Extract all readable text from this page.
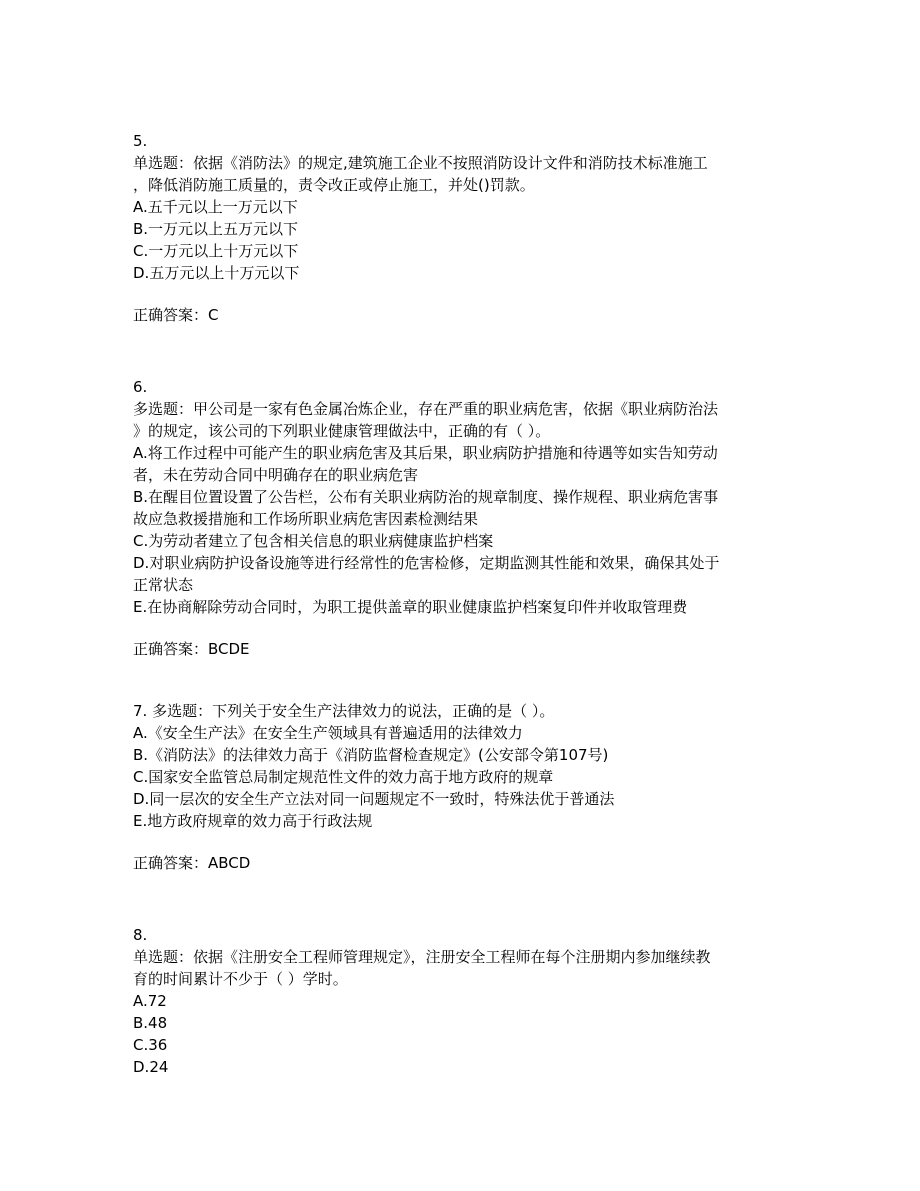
5.
单选题：依据《消防法》的规定,建筑施工企业不按照消防设计文件和消防技术标准施工
，降低消防施工质量的，责令改正或停止施工，并处()罚款。
A.五千元以上一万元以下
B.一万元以上五万元以下
C.一万元以上十万元以下
D.五万元以上十万元以下
正确答案：C
6.
多选题：甲公司是一家有色金属冶炼企业，存在严重的职业病危害，依据《职业病防治法
》的规定，该公司的下列职业健康管理做法中，正确的有（ ）。
A.将工作过程中可能产生的职业病危害及其后果，职业病防护措施和待遇等如实告知劳动
者，未在劳动合同中明确存在的职业病危害
B.在醒目位置设置了公告栏，公布有关职业病防治的规章制度、操作规程、职业病危害事
故应急救援措施和工作场所职业病危害因素检测结果
C.为劳动者建立了包含相关信息的职业病健康监护档案
D.对职业病防护设备设施等进行经常性的危害检修，定期监测其性能和效果，确保其处于
正常状态
E.在协商解除劳动合同时，为职工提供盖章的职业健康监护档案复印件并收取管理费
正确答案：BCDE
7. 多选题：下列关于安全生产法律效力的说法，正确的是（ ）。
A.《安全生产法》在安全生产领域具有普遍适用的法律效力
B.《消防法》的法律效力高于《消防监督检查规定》(公安部令第107号)
C.国家安全监管总局制定规范性文件的效力高于地方政府的规章
D.同一层次的安全生产立法对同一问题规定不一致时，特殊法优于普通法
E.地方政府规章的效力高于行政法规
正确答案：ABCD
8.
单选题：依据《注册安全工程师管理规定》，注册安全工程师在每个注册期内参加继续教
育的时间累计不少于（ ）学时。
A.72
B.48
C.36
D.24
